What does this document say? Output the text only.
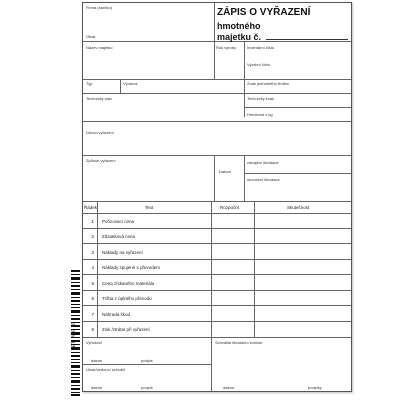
Firma (razítko)
Útvar
ZÁPIS O VYŘAZENÍ
hmotného
majetku č.
Název majetku	Rok výroby	Inventární číslo
Výrobní číslo
Typ	Výrobce	Znak jednotného třídění
Technický stav	Technický znak
Hmotnost v kg
Dôvod vyřazení
Způsob vyřazení
Datum
zahájení likvidace
ukončení likvidace
Řádek	Text	Rozpočet	Skutečnost
1 Pořizovací cena
2 Zůstatková cena
3 Náklady na vyřazení
4 Náklady spojené s převodem
5 Cena získaného materiálu
6 Tržba z úplného převodu
7 Náhrada škod
8 Zisk /ztráta/ při vyřazení
Vyhotovil	Schválila likvidační komise
datum	podpis
Útvar/vedoucí schválil
datum	podpis	datum	podpisy
ET 470 Z
